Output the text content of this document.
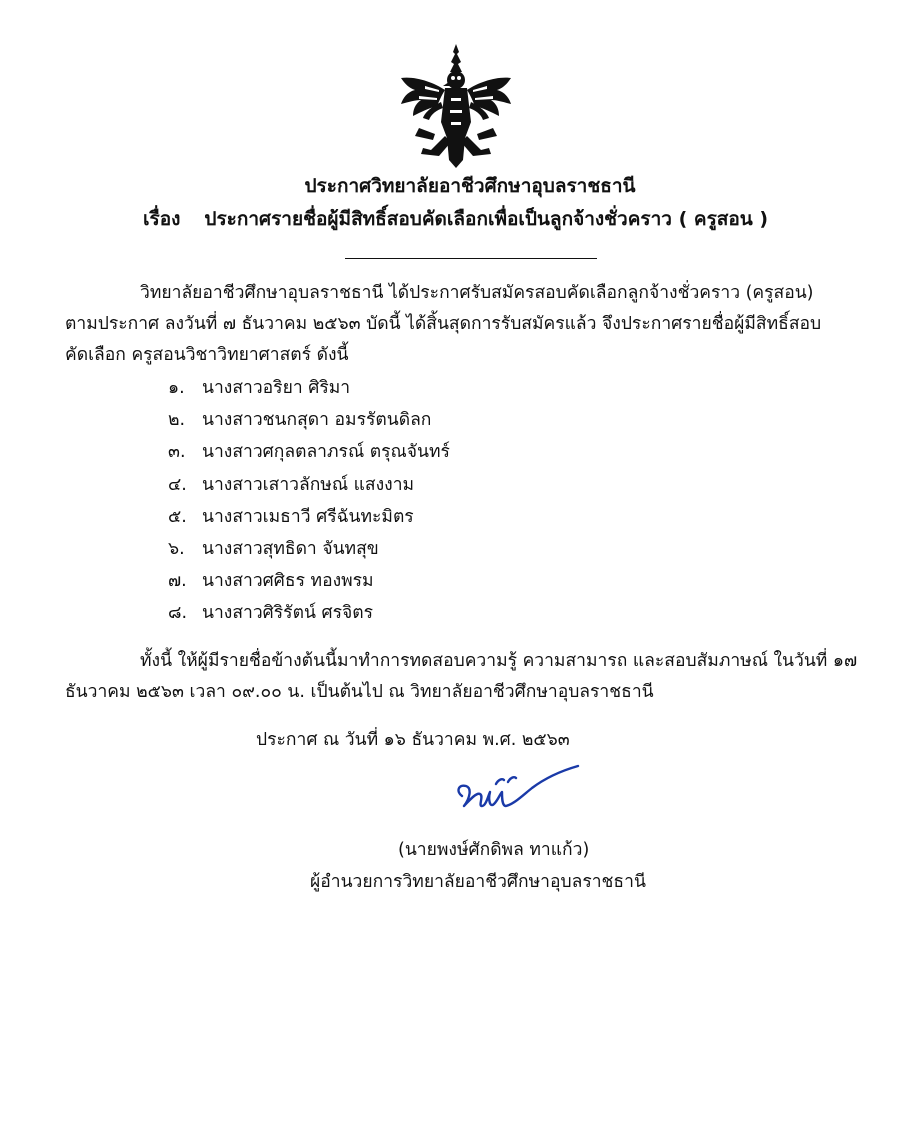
ประกาศวิทยาลัยอาชีวศึกษาอุบลราชธานี
เรื่อง ประกาศรายชื่อผู้มีสิทธิ์สอบคัดเลือกเพื่อเป็นลูกจ้างชั่วคราว ( ครูสอน )
วิทยาลัยอาชีวศึกษาอุบลราชธานี ได้ประกาศรับสมัครสอบคัดเลือกลูกจ้างชั่วคราว (ครูสอน)
ตามประกาศ ลงวันที่ ๗ ธันวาคม ๒๕๖๓ บัดนี้ ได้สิ้นสุดการรับสมัครแล้ว จึงประกาศรายชื่อผู้มีสิทธิ์สอบ
คัดเลือก ครูสอนวิชาวิทยาศาสตร์ ดังนี้
๑. นางสาวอริยา ศิริมา
๒. นางสาวชนกสุดา อมรรัตนดิลก
๓. นางสาวศกุลตลาภรณ์ ตรุณจันทร์
๔. นางสาวเสาวลักษณ์ แสงงาม
๕. นางสาวเมธาวี ศรีฉันทะมิตร
๖. นางสาวสุทธิดา จันทสุข
๗. นางสาวศศิธร ทองพรม
๘. นางสาวศิริรัตน์ ศรจิตร
ทั้งนี้ ให้ผู้มีรายชื่อข้างต้นนี้มาทำการทดสอบความรู้ ความสามารถ และสอบสัมภาษณ์ ในวันที่ ๑๗
ธันวาคม ๒๕๖๓ เวลา ๐๙.๐๐ น. เป็นต้นไป ณ วิทยาลัยอาชีวศึกษาอุบลราชธานี
ประกาศ ณ วันที่ ๑๖ ธันวาคม พ.ศ. ๒๕๖๓
(นายพงษ์ศักดิพล ทาแก้ว)
ผู้อำนวยการวิทยาลัยอาชีวศึกษาอุบลราชธานี
